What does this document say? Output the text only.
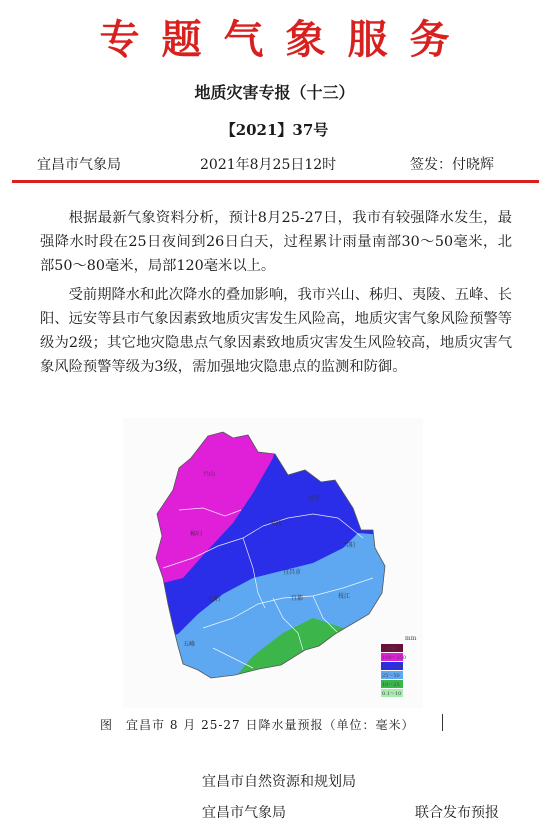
专题气象服务
地质灾害专报（十三）
【2021】37号
宜昌市气象局	2021年8月25日12时	签发：付晓辉

根据最新气象资料分析，预计8月25-27日，我市有较强降水发生，最强降水时段在25日夜间到26日白天，过程累计雨量南部30～50毫米，北部50～80毫米，局部120毫米以上。

受前期降水和此次降水的叠加影响，我市兴山、秭归、夷陵、五峰、长阳、远安等县市气象因素致地质灾害发生风险高，地质灾害气象风险预警等级为2级；其它地灾隐患点气象因素致地质灾害发生风险较高，地质灾害气象风险预警等级为3级，需加强地灾隐患点的监测和防御。

兴山
秭归
远安
夷陵
当阳
宜昌市
长阳	宜都	枝江
五峰
mm
＞250
100～250
50～100
25～50
10～25
0.1～10
图　宜昌市 8 月 25-27 日降水量预报（单位：毫米）
宜昌市自然资源和规划局
宜昌市气象局	联合发布预报
